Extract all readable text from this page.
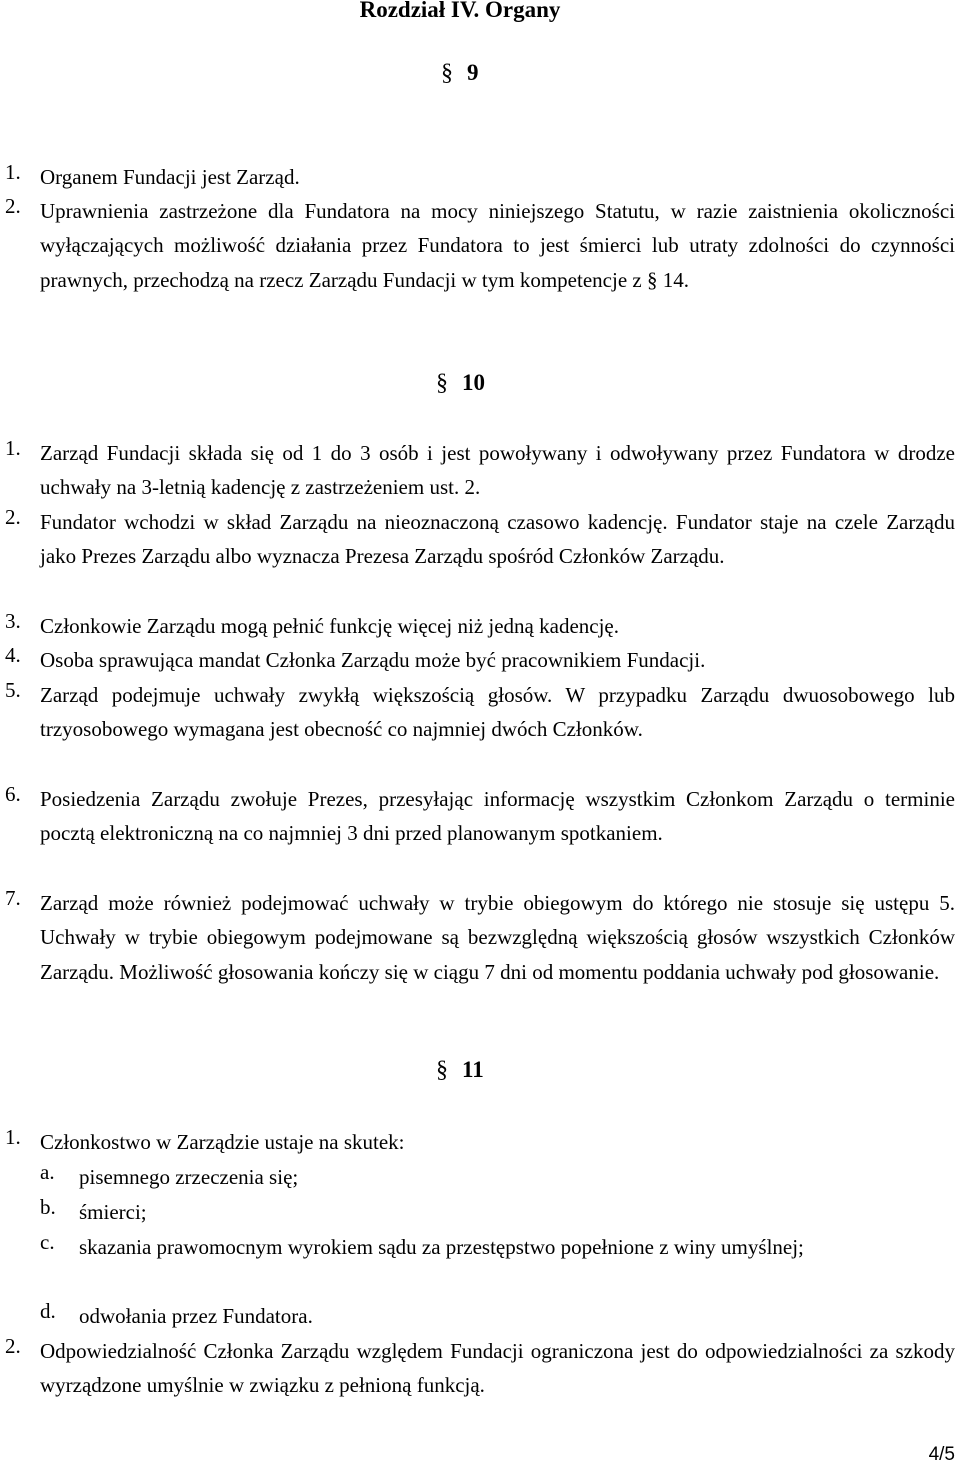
Rozdział IV. Organy
§ 9
1. Organem Fundacji jest Zarząd.
2. Uprawnienia zastrzeżone dla Fundatora na mocy niniejszego Statutu, w razie zaistnienia okoliczności wyłączających możliwość działania przez Fundatora to jest śmierci lub utraty zdolności do czynności prawnych, przechodzą na rzecz Zarządu Fundacji w tym kompetencje z § 14.
§ 10
1. Zarząd Fundacji składa się od 1 do 3 osób i jest powoływany i odwoływany przez Fundatora w drodze uchwały na 3-letnią kadencję z zastrzeżeniem ust. 2.
2. Fundator wchodzi w skład Zarządu na nieoznaczoną czasowo kadencję. Fundator staje na czele Zarządu jako Prezes Zarządu albo wyznacza Prezesa Zarządu spośród Członków Zarządu.
3. Członkowie Zarządu mogą pełnić funkcję więcej niż jedną kadencję.
4. Osoba sprawująca mandat Członka Zarządu może być pracownikiem Fundacji.
5. Zarząd podejmuje uchwały zwykłą większością głosów. W przypadku Zarządu dwuosobowego lub trzyosobowego wymagana jest obecność co najmniej dwóch Członków.
6. Posiedzenia Zarządu zwołuje Prezes, przesyłając informację wszystkim Członkom Zarządu o terminie pocztą elektroniczną na co najmniej 3 dni przed planowanym spotkaniem.
7. Zarząd może również podejmować uchwały w trybie obiegowym do którego nie stosuje się ustępu 5. Uchwały w trybie obiegowym podejmowane są bezwzględną większością głosów wszystkich Członków Zarządu. Możliwość głosowania kończy się w ciągu 7 dni od momentu poddania uchwały pod głosowanie.
§ 11
1. Członkostwo w Zarządzie ustaje na skutek:
a. pisemnego zrzeczenia się;
b. śmierci;
c. skazania prawomocnym wyrokiem sądu za przestępstwo popełnione z winy umyślnej;
d. odwołania przez Fundatora.
2. Odpowiedzialność Członka Zarządu względem Fundacji ograniczona jest do odpowiedzialności za szkody wyrządzone umyślnie w związku z pełnioną funkcją.
4/5
